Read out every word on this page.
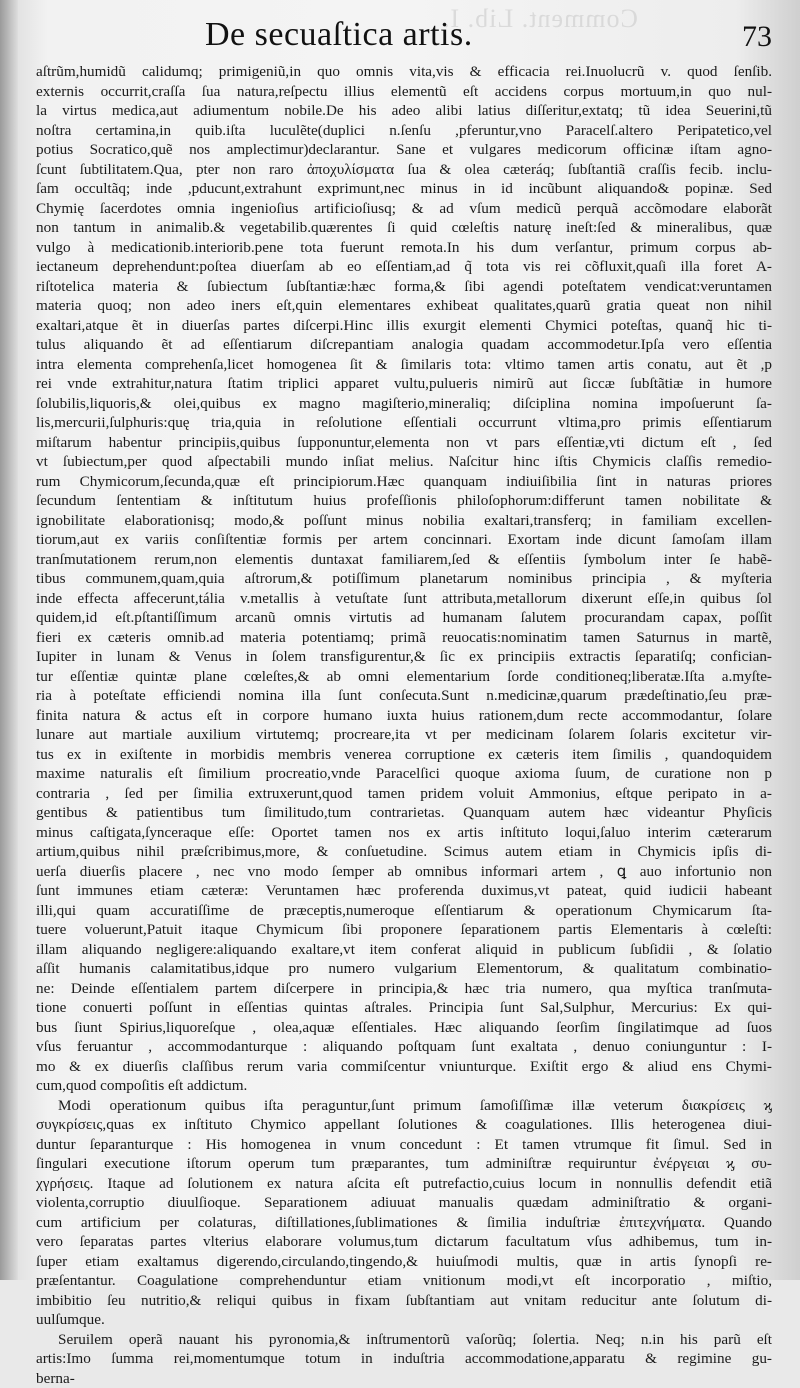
Comment. Lib. I.
De secuaſtica artis.	73
aſtrũm,humidũ calidumq; primigeniũ,in quo omnis vita,vis & efficacia rei.Inuolucrũ v. quod ſenſib.
externis occurrit,craſſa ſua natura,reſpectu illius elementũ eſt accidens corpus mortuum,in quo nul-
la virtus medica,aut adiumentum nobile.De his adeo alibi latius diſſeritur,extatq; tũ idea Seuerini,tũ
noſtra certamina,in quib.iſta luculẽte(duplici n.ſenſu ,pferuntur,vno Paracelſ.altero Peripatetico,vel
potius Socratico,quẽ nos amplectimur)declarantur. Sane et vulgares medicorum officinæ iſtam agno-
ſcunt ſubtilitatem.Qua, pter non raro ἀποχυλίσματα ſua & olea cæteráq; ſubſtantiã craſſis fecib. inclu-
ſam occultãq; inde ,pducunt,extrahunt exprimunt,nec minus in id incũbunt aliquando& popinæ. Sed
Chymię ſacerdotes omnia ingenioſius artificioſiusq; & ad vſum medicũ perquã accõmodare elaborãt
non tantum in animalib.& vegetabilib.quærentes ſi quid cœleſtis naturę ineſt:ſed & mineralibus, quæ
vulgo à medicationib.interiorib.pene tota fuerunt remota.In his dum verſantur, primum corpus ab-
iectaneum deprehendunt:poſtea diuerſam ab eo eſſentiam,ad q̃ tota vis rei cõfluxit,quaſi illa foret A-
riſtotelica materia & ſubiectum ſubſtantiæ:hæc forma,& ſibi agendi poteſtatem vendicat:veruntamen
materia quoq; non adeo iners eſt,quin elementares exhibeat qualitates,quarũ gratia queat non nihil
exaltari,atque ẽt in diuerſas partes diſcerpi.Hinc illis exurgit elementi Chymici poteſtas, quanq̃ hic ti-
tulus aliquando ẽt ad eſſentiarum diſcrepantiam analogia quadam accommodetur.Ipſa vero eſſentia
intra elementa comprehenſa,licet homogenea ſit & ſimilaris tota: vltimo tamen artis conatu, aut ẽt ,p
rei vnde extrahitur,natura ſtatim triplici apparet vultu,pulueris nimirũ aut ſiccæ ſubſtãtiæ in humore
ſolubilis,liquoris,& olei,quibus ex magno magiſterio,mineraliq; diſciplina nomina impoſuerunt ſa-
lis,mercurii,ſulphuris:quę tria,quia in reſolutione eſſentiali occurrunt vltima,pro primis eſſentiarum
miſtarum habentur principiis,quibus ſupponuntur,elementa non vt pars eſſentiæ,vti dictum eſt , ſed
vt ſubiectum,per quod aſpectabili mundo inſiat melius. Naſcitur hinc iſtis Chymicis claſſis remedio-
rum Chymicorum,ſecunda,quæ eſt principiorum.Hæc quanquam indiuiſibilia ſint in naturas priores
ſecundum ſententiam & inſtitutum huius profeſſionis philoſophorum:differunt tamen nobilitate &
ignobilitate elaborationisq; modo,& poſſunt minus nobilia exaltari,transferq; in familiam excellen-
tiorum,aut ex variis conſiſtentiæ formis per artem concinnari. Exortam inde dicunt ſamoſam illam
tranſmutationem rerum,non elementis duntaxat familiarem,ſed & eſſentiis ſymbolum inter ſe habẽ-
tibus communem,quam,quia aſtrorum,& potiſſimum planetarum nominibus principia , & myſteria
inde effecta affecerunt,tália v.metallis à vetuſtate ſunt attributa,metallorum dixerunt eſſe,in quibus ſol
quidem,id eſt.pſtantiſſimum arcanũ omnis virtutis ad humanam ſalutem procurandam capax, poſſit
fieri ex cæteris omnib.ad materia potentiamq; primã reuocatis:nominatim tamen Saturnus in martẽ,
Iupiter in lunam & Venus in ſolem transfigurentur,& ſic ex principiis extractis ſeparatiſq; confician-
tur eſſentiæ quintæ plane cœleſtes,& ab omni elementarium ſorde conditioneq;liberatæ.Iſta a.myſte-
ria à poteſtate efficiendi nomina illa ſunt conſecuta.Sunt n.medicinæ,quarum prædeſtinatio,ſeu præ-
finita natura & actus eſt in corpore humano iuxta huius rationem,dum recte accommodantur, ſolare
lunare aut martiale auxilium virtutemq; procreare,ita vt per medicinam ſolarem ſolaris excitetur vir-
tus ex in exiſtente in morbidis membris venerea corruptione ex cæteris item ſimilis , quandoquidem
maxime naturalis eſt ſimilium procreatio,vnde Paracelſici quoque axioma ſuum, de curatione non p
contraria , ſed per ſimilia extruxerunt,quod tamen pridem voluit Ammonius, eſtque peripato in a-
gentibus & patientibus tum ſimilitudo,tum contrarietas. Quanquam autem hæc videantur Phyſicis
minus caſtigata,ſynceraque eſſe: Oportet tamen nos ex artis inſtituto loqui,ſaluo interim cæterarum
artium,quibus nihil præſcribimus,more, & conſuetudine. Scimus autem etiam in Chymicis ipſis di-
uerſa diuerſis placere , nec vno modo ſemper ab omnibus informari artem , ꝗ auo infortunio non
ſunt immunes etiam cæteræ: Veruntamen hæc proferenda duximus,vt pateat, quid iudicii habeant
illi,qui quam accuratiſſime de præceptis,numeroque eſſentiarum & operationum Chymicarum ſta-
tuere voluerunt,Patuit itaque Chymicum ſibi proponere ſeparationem partis Elementaris à cœleſti:
illam aliquando negligere:aliquando exaltare,vt item conferat aliquid in publicum ſubſidii , & ſolatio
aſſit humanis calamitatibus,idque pro numero vulgarium Elementorum, & qualitatum combinatio-
ne: Deinde eſſentialem partem diſcerpere in principia,& hæc tria numero, qua myſtica tranſmuta-
tione conuerti poſſunt in eſſentias quintas aſtrales. Principia ſunt Sal,Sulphur, Mercurius: Ex qui-
bus ſiunt Spirius,liquoreſque , olea,aquæ eſſentiales. Hæc aliquando ſeorſim ſingilatimque ad ſuos
vſus feruantur , accommodanturque : aliquando poſtquam ſunt exaltata , denuo coniunguntur : I-
mo & ex diuerſis claſſibus rerum varia commiſcentur vniunturque. Exiſtit ergo & aliud ens Chymi-
cum,quod compoſitis eſt addictum.
Modi operationum quibus iſta peraguntur,ſunt primum ſamoſiſſimæ illæ veterum διακρίσεις ϗ
συγκρίσεις,quas ex inſtituto Chymico appellant ſolutiones & coagulationes. Illis heterogenea diui-
duntur ſeparanturque : His homogenea in vnum concedunt : Et tamen vtrumque fit ſimul. Sed in
ſingulari executione iſtorum operum tum præparantes, tum adminiſtræ requiruntur ἐνέργειαι ϗ συ-
χγρήσεις. Itaque ad ſolutionem ex natura aſcita eſt putrefactio,cuius locum in nonnullis defendit etiã
violenta,corruptio diuulſioque. Separationem adiuuat manualis quædam adminiſtratio & organi-
cum artificium per colaturas, diſtillationes,ſublimationes & ſimilia induſtriæ ἐπιτεχνήματα. Quando
vero ſeparatas partes vlterius elaborare volumus,tum dictarum facultatum vſus adhibemus, tum in-
ſuper etiam exaltamus digerendo,circulando,tingendo,& huiuſmodi multis, quæ in artis ſynopſi re-
præſentantur. Coagulatione comprehenduntur etiam vnitionum modi,vt eſt incorporatio , miſtio,
imbibitio ſeu nutritio,& reliqui quibus in fixam ſubſtantiam aut vnitam reducitur ante ſolutum di-
uulſumque.
Seruilem operã nauant his pyronomia,& inſtrumentorũ vaſorũq; ſolertia. Neq; n.in his parũ eſt
artis:Imo ſumma rei,momentumque totum in induſtria accommodatione,apparatu & regimine gu-
berna-
